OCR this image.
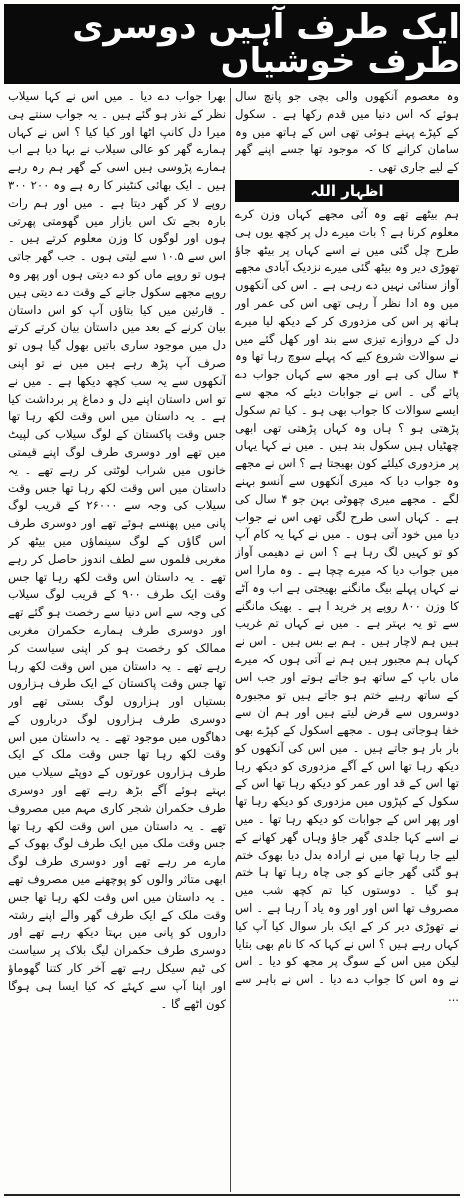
ایک طرف آہیں دوسری طرف خوشیاں

وہ معصوم آنکھوں والی بچی جو پانچ سال ہوئے کہ اس دنیا میں قدم رکھا ہے ۔ سکول کے کپڑے پہنے ہوئی تھی اس کے ہاتھ میں وہ سامان کرانے کا کہ موجود تھا جسے اپنے گھر کے لیے جاری تھی ۔

اظہار اللہ

ہم بیٹھے تھے وہ آئی مجھے کہاں وزن کرے معلوم کرنا ہے ؟ بات میرے دل پر کچھ یوں ہی طرح چل گئی میں نے اسے کہاں پر بیٹھ جاؤ تھوڑی دیر وہ بیٹھ گئی میرے نزدیک آبادی مجھے آواز سنائی نہیں دے رہی ہے ۔ اس کی آنکھوں میں وہ ادا نظر آ رہی تھی اس کی عمر اور ہاتھ پر اس کی مزدوری کر کے دیکھ لیا میرے دل کے دروازے تیزی سے بند اور کھل گئے میں نے سوالات شروع کیے کہ پہلے سوچ رہا تھا وہ ۴ سال کی ہے اور مجھ سے کہاں جواب دے پائے گی ۔ اس نے جوابات دیئے کہ مجھ سے ایسے سوالات کا جواب بھی ہو ۔ کیا تم سکول پڑھتی ہو ؟ ہاں وہ کہاں پڑھتی تھی ابھی چھٹیاں ہیں سکول بند ہیں ۔ میں نے کہا یہاں پر مزدوری کیلئے کون بھیجتا ہے ؟ اس نے مجھے وہ جواب دیا کہ میری آنکھوں سے آنسو بہنے لگے ۔ مجھے میری چھوٹی بہن جو ۴ سال کی ہے ۔ کہاں اسی طرح لگی تھی اس نے جواب دیا میں خود آتی ہوں ۔ میں نے کہا یہ کام آپ کو تو کہیں لگ رہا ہے ؟ اس نے دھیمی آواز میں جواب دیا کہ میرے چچا ہے ۔ وہ مارا اس نے کہاں پہلے بیگ مانگنے بھیجتی ہے اب وہ آٹے کا وزن ۸۰۰ روپے پر خرید ا ہے ۔ بھیک مانگنے سے تو یہ بہتر ہے ۔ میں نے کہاں تم غریب ہیں ہم لاچار ہیں ۔ ہم بے بس ہیں ۔ اس نے کہاں ہم مجبور ہیں ہم نے آتی ہوں کہ میرے ماں باپ کے ساتھ ہو جاتے ہوتے اور جب اس کے ساتھ رہیے ختم ہو جاتے ہیں تو مجبورہ دوسروں سے قرض لیتے ہیں اور ہم ان سے خفا ہوجاتی ہوں ۔ مجھے اسکول کے کپڑے بھی بار بار ہو جاتے ہیں ۔ میں اس کی آنکھوں کو دیکھ رہا تھا اس کے آگے مزدوری کو دیکھ رہا تھا اس کے قد اور عمر کو دیکھ رہا تھا اس کے سکول کے کپڑوں میں مزدوری کو دیکھ رہا تھا اور پھر اس کے جوابات کو دیکھ رہا تھا ۔ میں نے اسے کہا جلدی گھر جاؤ وہاں گھر کھانے کے لیے جا رہا تھا میں نے ارادہ بدل دیا بھوک ختم ہو گئی گھر جانے کو جی چاہ رہا تھا ہا ختم ہو گیا ۔ دوستوں کیا تم کچھ شب میں مصروف تھا اس اور اور وہ یاد آ رہا ہے ۔ اس نے تھوڑی دیر کر کے ایک بار سوال کیا آپ کیا کہاں رہے ہیں ؟ اس نے کہا کہ کا نام بھی بتایا لیکن میں اس کے سوگ پر مجھ کو دیا ۔ اس نے وہ اس کا جواب دے دیا ۔ اس نے باہر سے ...

بھرا جواب دے دیا ۔ میں اس نے کہا سیلاب نظر کے نذر ہو گئے ہیں ۔ یہ جواب سنتے ہی میرا دل کانپ اٹھا اور کیا کیا ؟ اس نے کہاں ہمارے گھر کو عالی سیلاب نے بہا دیا ہے اب ہمارے پڑوسی ہیں اسی کے گھر ہم رہ رہے ہیں ۔ ایک بھائی کنٹینر کا رہ ہے وہ ۲۰۰ ۳۰۰ روپے لا کر گھر دیتا ہے ۔ میں اور ہم رات بارہ بجے تک اس بازار میں گھومتی پھرتی ہوں اور لوگوں کا وزن معلوم کرتے ہیں ۔ اس سے ۱۰.۵ سے لیتی ہوں ۔ جب گھر جاتی ہوں تو روپے ماں کو دے دیتی ہوں اور پھر وہ روپے مجھے سکول جانے کے وقت دے دیتی ہیں ۔ قارئین میں کیا بتاؤں آپ کو اس داستان بیان کرنے کے بعد میں داستان بیان کرتے کرتے دل میں موجود ساری باتیں بھول گیا ہوں تو صرف آپ پڑھ رہے ہیں میں نے تو اپنی آنکھوں سے یہ سب کچھ دیکھا ہے ۔ میں نے تو اس داستان اپنے دل و دماغ پر برداشت کیا ہے ۔ یہ داستان میں اس وقت لکھ رہا تھا جس وقت پاکستان کے لوگ سیلاب کی لپیٹ میں تھے اور دوسری طرف لوگ اپنے قیمتی خانوں میں شراب لوٹتی کر رہے تھے ۔ یہ داستان میں اس وقت لکھ رہا تھا جس وقت سیلاب کی وجہ سے ۲۶۰۰۰ کے قریب لوگ پانی میں پھنسے ہوئے تھے اور دوسری طرف اس گاؤں کے لوگ سینماؤں میں بیٹھ کر مغربی فلموں سے لطف اندوز حاصل کر رہے تھے ۔ یہ داستان اس وقت لکھ رہا تھا جس وقت ایک طرف ۹۰۰ کے قریب لوگ سیلاب کی وجہ سے اس دنیا سے رخصت ہو گئے تھے اور دوسری طرف ہمارے حکمران مغربی ممالک کو رخصت ہو کر اپنی سیاست کر رہے تھے ۔ یہ داستان میں اس وقت لکھ رہا تھا جس وقت پاکستان کے ایک طرف ہزاروں بستیاں اور ہزاروں لوگ بستی تھے اور دوسری طرف ہزاروں لوگ درباروں کے دھاگوں میں موجود تھے ۔ یہ داستان میں اس وقت لکھ رہا تھا جس وقت ملک کے ایک طرف ہزاروں عورتوں کے دوپٹے سیلاب میں بہتے ہوئے آگے بڑھ رہے تھے اور دوسری طرف حکمران شجر کاری مہم میں مصروف تھے ۔ یہ داستان میں اس وقت لکھ رہا تھا جس وقت ملک میں ایک طرف لوگ بھوک کے مارے مر رہے تھے اور دوسری طرف لوگ ابھی متاثر والوں کو پوچھنے میں مصروف تھے ۔ یہ داستان میں اس وقت لکھ رہا تھا جس وقت ملک کے ایک طرف گھر والے اپنے رشتہ داروں کو پانی میں بہتا دیکھ رہے تھے اور دوسری طرف حکمران لیگ بلاک پر سیاست کی ٹیم سیکل رہے تھے آخر کار کتنا گھوماؤ اور اپنا آپ سے کہئے کہ کیا ایسا ہی ہوگا کون اٹھے گا ۔
